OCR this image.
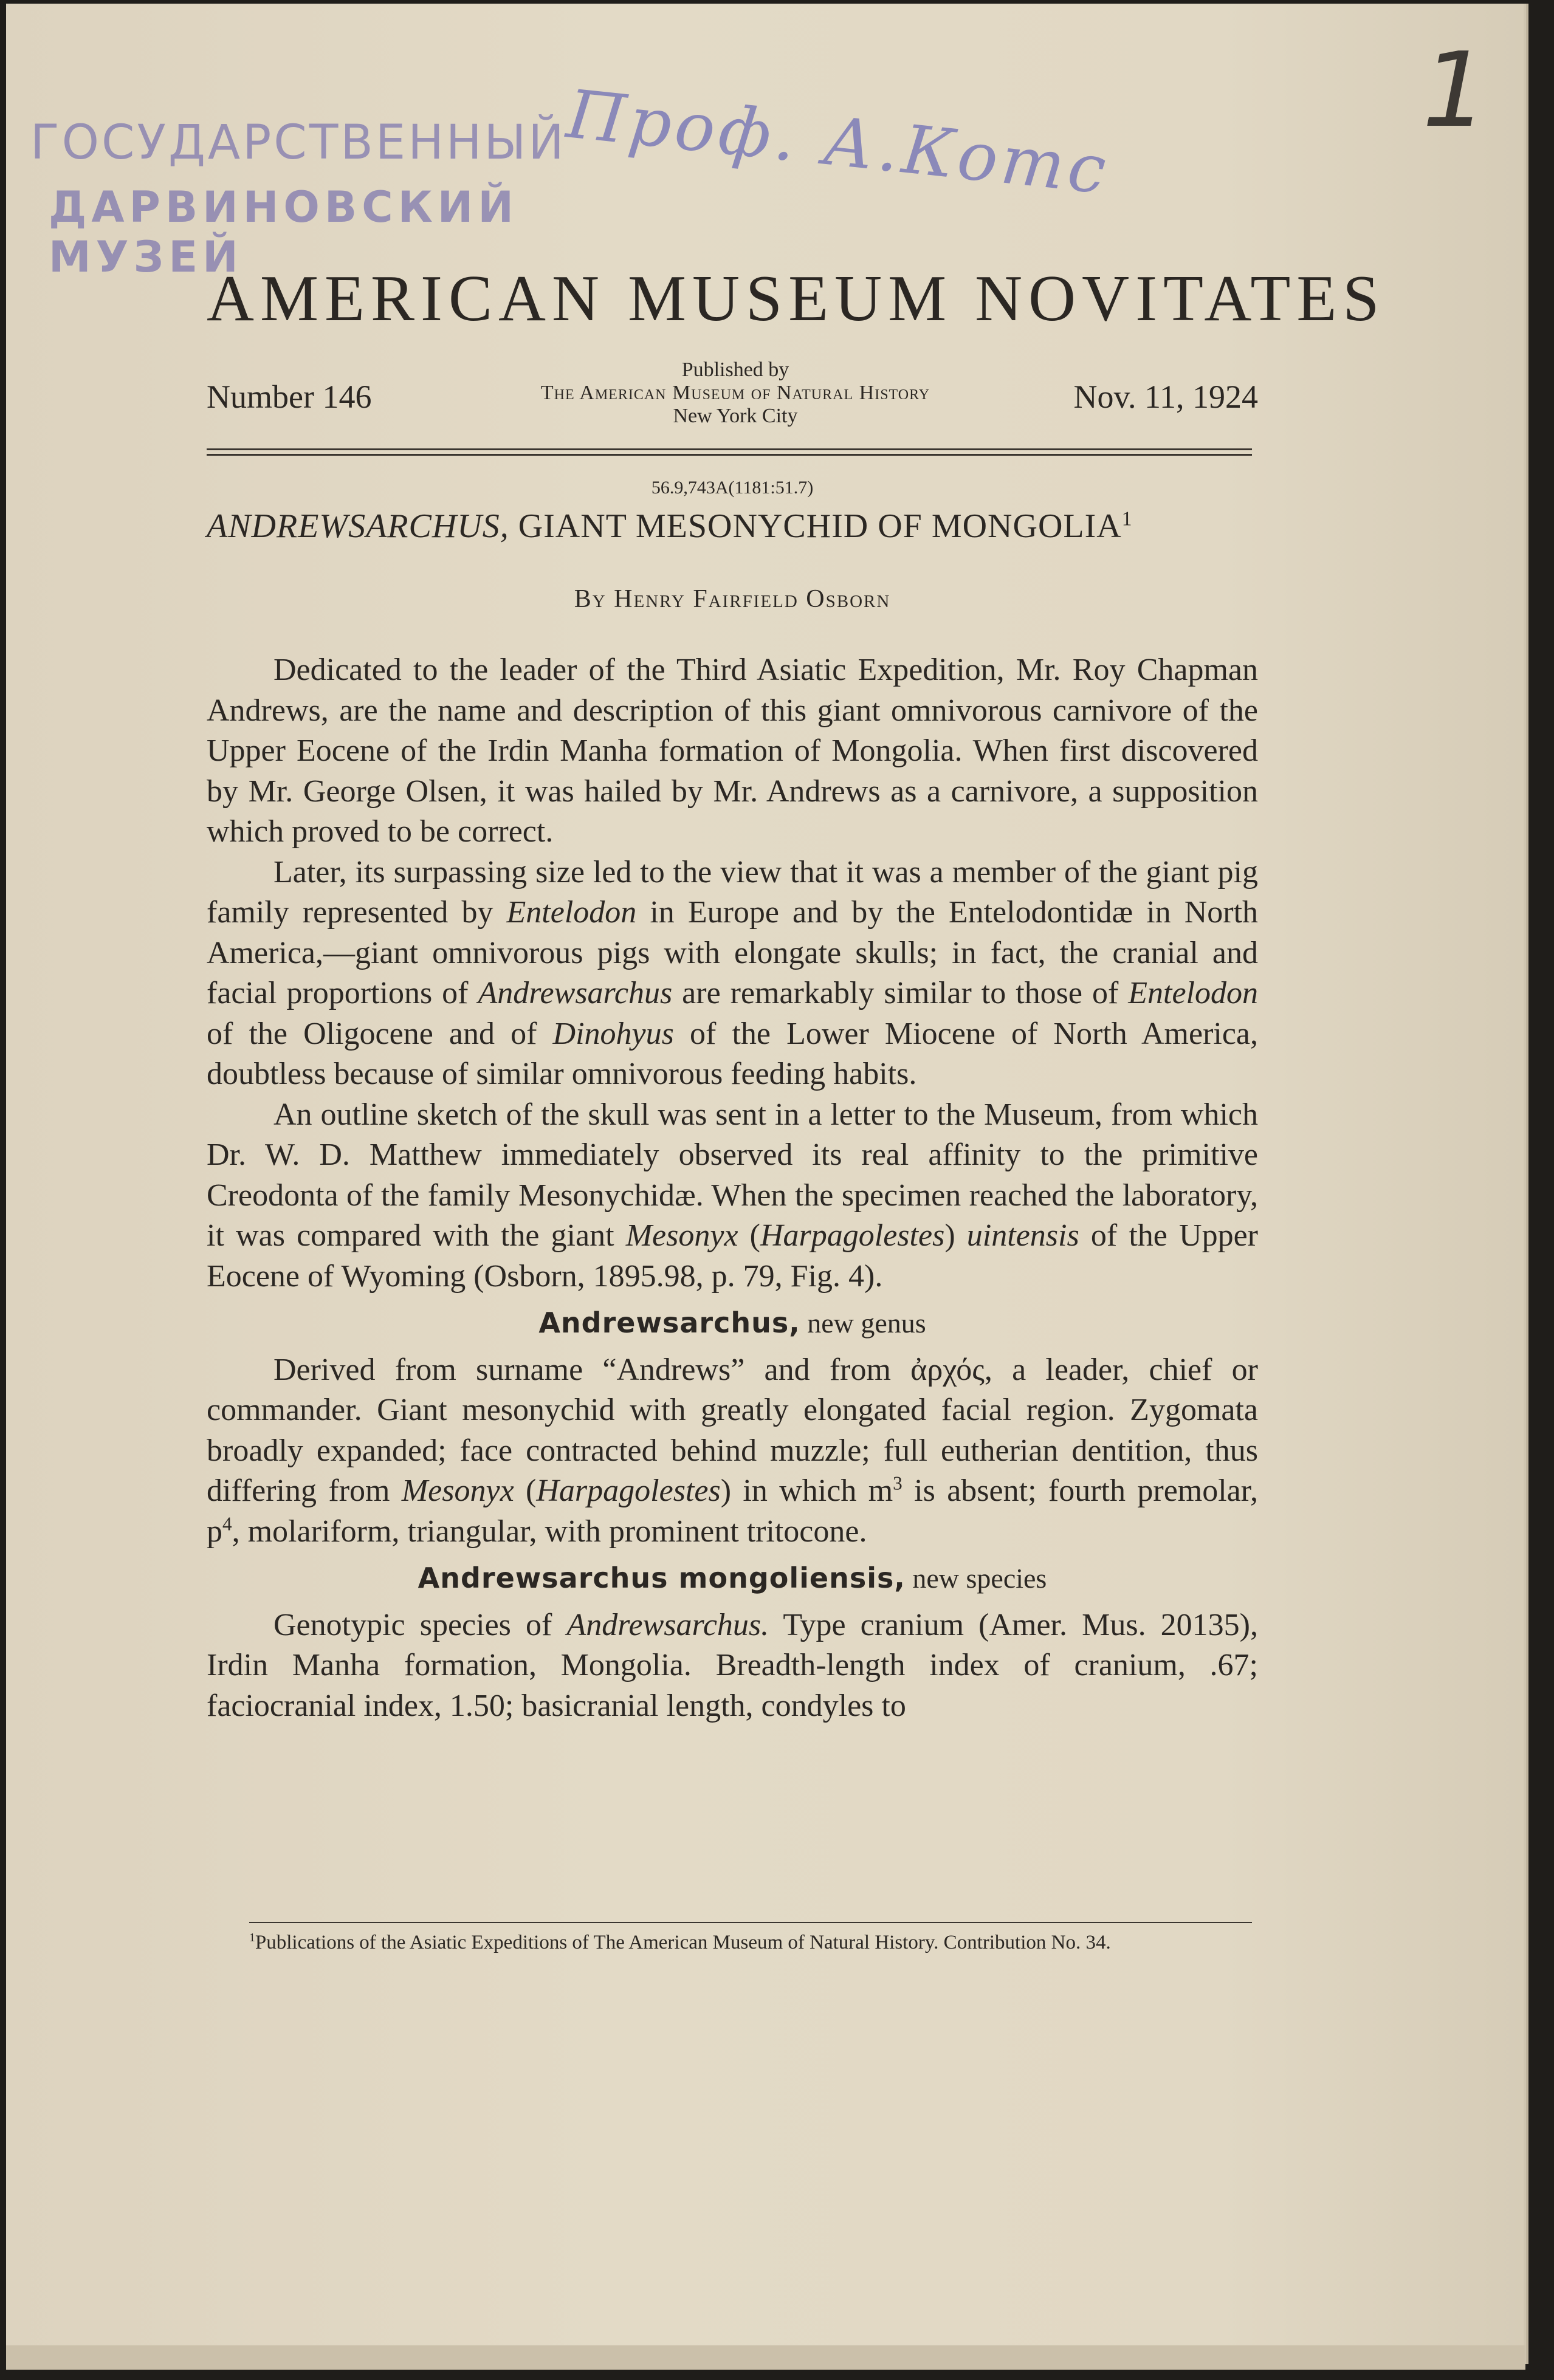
ГОСУДАРСТВЕННЫЙ
ДАРВИНОВСКИЙ МУЗЕЙ
Проф. А.Котс	1
AMERICAN MUSEUM NOVITATES
Number 146
Published by
The American Museum of Natural History
New York City
Nov. 11, 1924
56.9,743A(1181:51.7)
ANDREWSARCHUS, GIANT MESONYCHID OF MONGOLIA$^1$
By Henry Fairfield Osborn

Dedicated to the leader of the Third Asiatic Expedition, Mr. Roy Chapman Andrews, are the name and description of this giant omnivorous carnivore of the Upper Eocene of the Irdin Manha formation of Mongolia. When first discovered by Mr. George Olsen, it was hailed by Mr. Andrews as a carnivore, a supposition which proved to be correct.

Later, its surpassing size led to the view that it was a member of the giant pig family represented by Entelodon in Europe and by the Entelodontidæ in North America,—giant omnivorous pigs with elongate skulls; in fact, the cranial and facial proportions of Andrewsarchus are remarkably similar to those of Entelodon of the Oligocene and of Dinohyus of the Lower Miocene of North America, doubtless because of similar omnivorous feeding habits.

An outline sketch of the skull was sent in a letter to the Museum, from which Dr. W. D. Matthew immediately observed its real affinity to the primitive Creodonta of the family Mesonychidæ. When the specimen reached the laboratory, it was compared with the giant Mesonyx (Harpagolestes) uintensis of the Upper Eocene of Wyoming (Osborn, 1895.98, p. 79, Fig. 4).

Andrewsarchus, new genus

Derived from surname “Andrews” and from ἀρχός, a leader, chief or commander. Giant mesonychid with greatly elongated facial region. Zygomata broadly expanded; face contracted behind muzzle; full eutherian dentition, thus differing from Mesonyx (Harpagolestes) in which $m^3$ is absent; fourth premolar, $p^4$, molariform, triangular, with prominent tritocone.

Andrewsarchus mongoliensis, new species

Genotypic species of Andrewsarchus. Type cranium (Amer. Mus. 20135), Irdin Manha formation, Mongolia. Breadth-length index of cranium, .67; faciocranial index, 1.50; basicranial length, condyles to

$^1$Publications of the Asiatic Expeditions of The American Museum of Natural History. Contribution No. 34.
